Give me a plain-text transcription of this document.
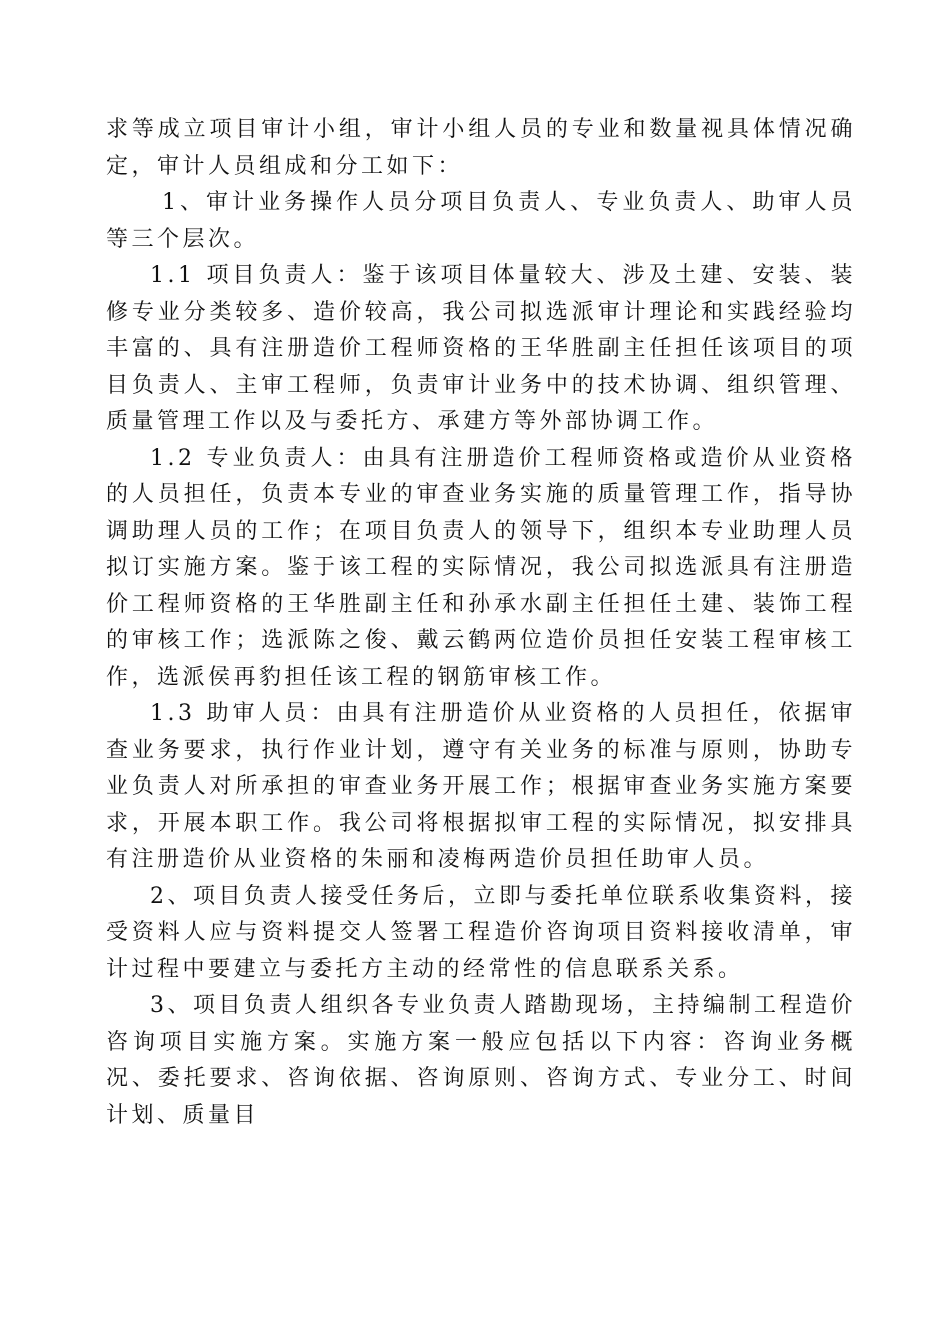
求等成立项目审计小组，审计小组人员的专业和数量视具体情况确定，审计人员组成和分工如下：

1、审计业务操作人员分项目负责人、专业负责人、助审人员等三个层次。

1.1 项目负责人：鉴于该项目体量较大、涉及土建、安装、装修专业分类较多、造价较高，我公司拟选派审计理论和实践经验均丰富的、具有注册造价工程师资格的王华胜副主任担任该项目的项目负责人、主审工程师，负责审计业务中的技术协调、组织管理、质量管理工作以及与委托方、承建方等外部协调工作。

1.2 专业负责人：由具有注册造价工程师资格或造价从业资格的人员担任，负责本专业的审查业务实施的质量管理工作，指导协调助理人员的工作；在项目负责人的领导下，组织本专业助理人员拟订实施方案。鉴于该工程的实际情况，我公司拟选派具有注册造价工程师资格的王华胜副主任和孙承水副主任担任土建、装饰工程的审核工作；选派陈之俊、戴云鹤两位造价员担任安装工程审核工作，选派侯再豹担任该工程的钢筋审核工作。

1.3 助审人员：由具有注册造价从业资格的人员担任，依据审查业务要求，执行作业计划，遵守有关业务的标准与原则，协助专业负责人对所承担的审查业务开展工作；根据审查业务实施方案要求，开展本职工作。我公司将根据拟审工程的实际情况，拟安排具有注册造价从业资格的朱丽和凌梅两造价员担任助审人员。

2、项目负责人接受任务后，立即与委托单位联系收集资料，接受资料人应与资料提交人签署工程造价咨询项目资料接收清单，审计过程中要建立与委托方主动的经常性的信息联系关系。

3、项目负责人组织各专业负责人踏勘现场，主持编制工程造价咨询项目实施方案。实施方案一般应包括以下内容：咨询业务概况、委托要求、咨询依据、咨询原则、咨询方式、专业分工、时间计划、质量目
